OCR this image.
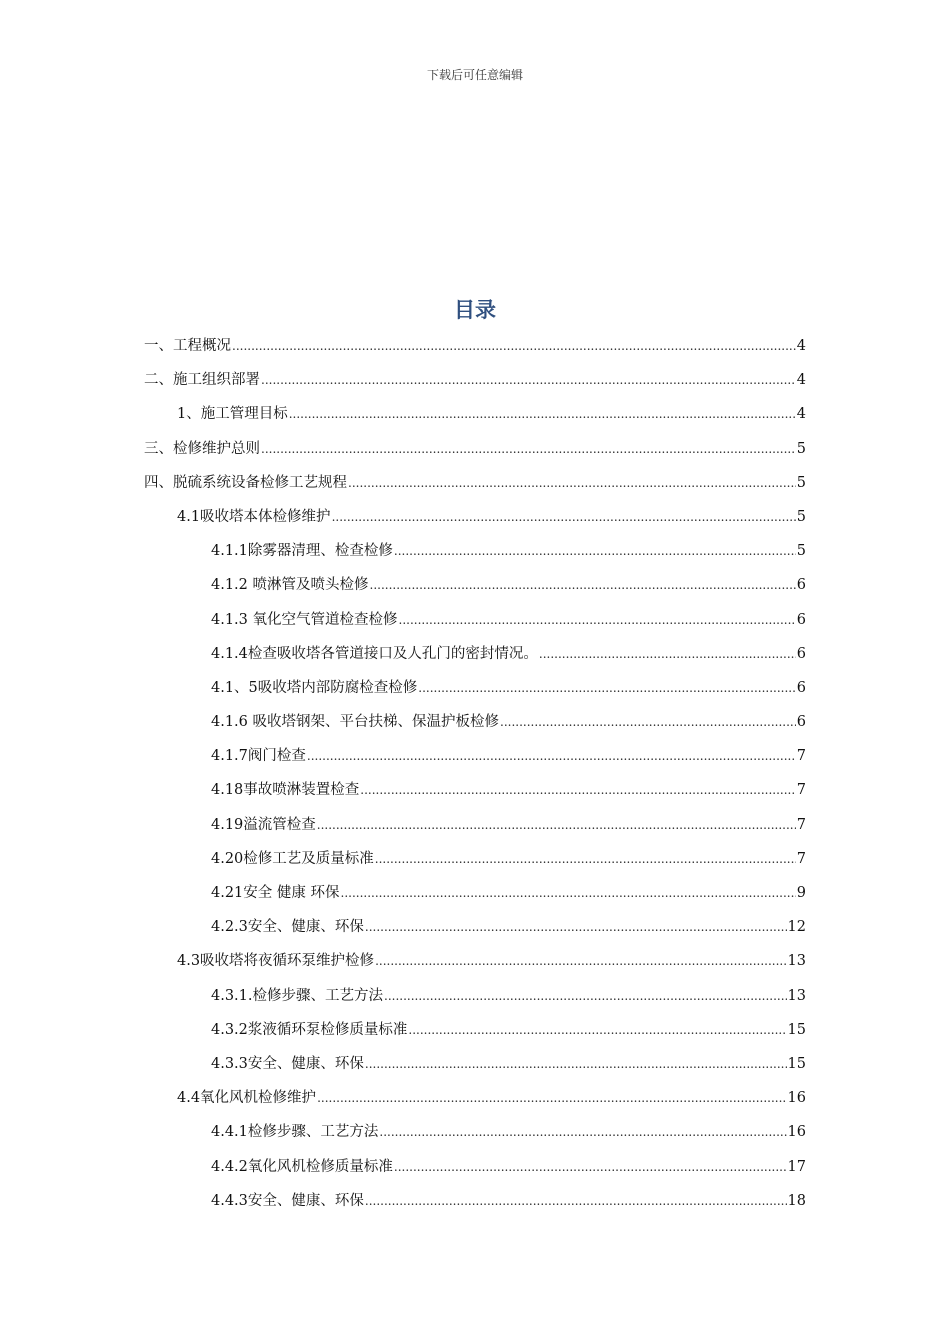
下载后可任意编辑
目录
一、工程概况 .....	4
二、施工组织部署 .....	4
1、施工管理目标 .....	4
三、检修维护总则 .....	5
四、脱硫系统设备检修工艺规程 .....	5
4.1吸收塔本体检修维护 .....	5
4.1.1除雾器清理、检查检修 .....	5
4.1.2 喷淋管及喷头检修 .....	6
4.1.3 氧化空气管道检查检修 .....	6
4.1.4检查吸收塔各管道接口及人孔门的密封情况。 .....	6
4.1、5吸收塔内部防腐检查检修 .....	6
4.1.6 吸收塔钢架、平台扶梯、保温护板检修 .....	6
4.1.7阀门检查 .....	7
4.18事故喷淋装置检查 .....	7
4.19溢流管检查 .....	7
4.20检修工艺及质量标准 .....	7
4.21安全 健康 环保 .....	9
4.2.3安全、健康、环保 .....	12
4.3吸收塔将夜循环泵维护检修 .....	13
4.3.1.检修步骤、工艺方法 .....	13
4.3.2浆液循环泵检修质量标准 .....	15
4.3.3安全、健康、环保 .....	15
4.4氧化风机检修维护 .....	16
4.4.1检修步骤、工艺方法 .....	16
4.4.2氧化风机检修质量标准 .....	17
4.4.3安全、健康、环保 .....	18
